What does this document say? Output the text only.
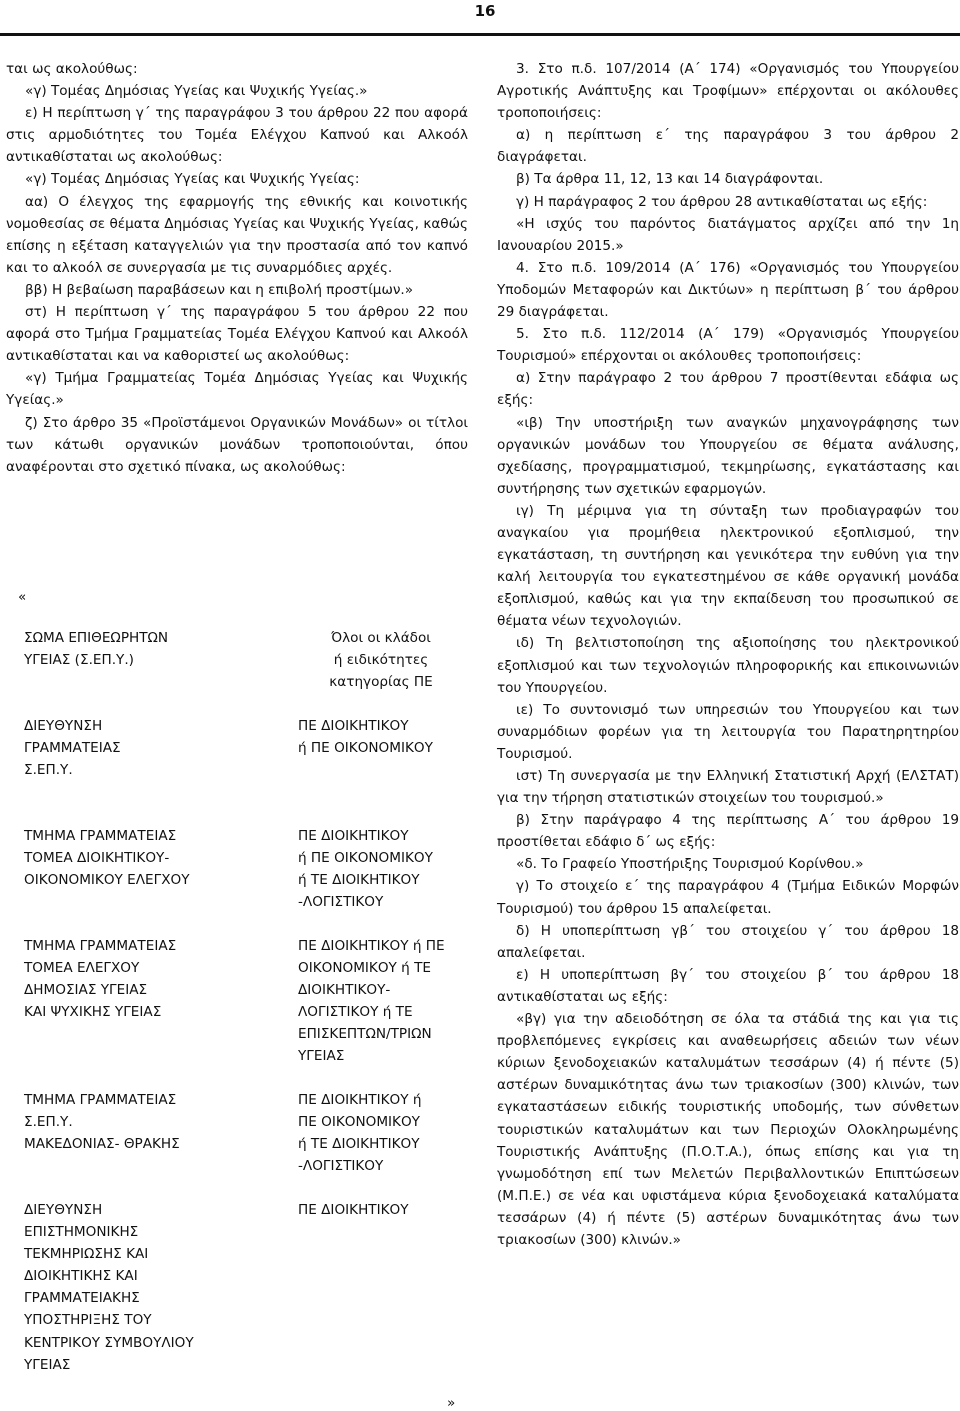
16

ται ως ακολούθως:

«γ) Τομέας Δημόσιας Υγείας και Ψυχικής Υγείας.»

ε) Η περίπτωση γ΄ της παραγράφου 3 του άρθρου 22 που αφορά στις αρμοδιότητες του Τομέα Ελέγχου Καπνού και Αλκοόλ αντικαθίσταται ως ακολούθως:

«γ) Τομέας Δημόσιας Υγείας και Ψυχικής Υγείας:

αα) Ο έλεγχος της εφαρμογής της εθνικής και κοινοτικής νομοθεσίας σε θέματα Δημόσιας Υγείας και Ψυχικής Υγείας, καθώς επίσης η εξέταση καταγγελιών για την προστασία από τον καπνό και το αλκοόλ σε συνεργασία με τις συναρμόδιες αρχές.

ββ) Η βεβαίωση παραβάσεων και η επιβολή προστίμων.»

στ) Η περίπτωση γ΄ της παραγράφου 5 του άρθρου 22 που αφορά στο Τμήμα Γραμματείας Τομέα Ελέγχου Καπνού και Αλκοόλ αντικαθίσταται και να καθοριστεί ως ακολούθως:

«γ) Τμήμα Γραμματείας Τομέα Δημόσιας Υγείας και Ψυχικής Υγείας.»

ζ) Στο άρθρο 35 «Προϊστάμενοι Οργανικών Μονάδων» οι τίτλοι των κάτωθι οργανικών μονάδων τροποποιούνται, όπου αναφέρονται στο σχετικό πίνακα, ως ακολούθως:

«
ΣΩΜΑ ΕΠΙΘΕΩΡΗΤΩΝ
ΥΓΕΙΑΣ (Σ.ΕΠ.Υ.)
Όλοι οι κλάδοι
ή ειδικότητες
κατηγορίας ΠΕ
ΔΙΕΥΘΥΝΣΗ
ΓΡΑΜΜΑΤΕΙΑΣ
Σ.ΕΠ.Υ.
ΠΕ ΔΙΟΙΚΗΤΙΚΟΥ
ή ΠΕ ΟΙΚΟΝΟΜΙΚΟΥ
ΤΜΗΜΑ ΓΡΑΜΜΑΤΕΙΑΣ
ΤΟΜΕΑ ΔΙΟΙΚΗΤΙΚΟΥ-
ΟΙΚΟΝΟΜΙΚΟΥ ΕΛΕΓΧΟΥ
ΠΕ ΔΙΟΙΚΗΤΙΚΟΥ
ή ΠΕ ΟΙΚΟΝΟΜΙΚΟΥ
ή ΤΕ ΔΙΟΙΚΗΤΙΚΟΥ
-ΛΟΓΙΣΤΙΚΟΥ
ΤΜΗΜΑ ΓΡΑΜΜΑΤΕΙΑΣ
ΤΟΜΕΑ ΕΛΕΓΧΟΥ
ΔΗΜΟΣΙΑΣ ΥΓΕΙΑΣ
ΚΑΙ ΨΥΧΙΚΗΣ ΥΓΕΙΑΣ
ΠΕ ΔΙΟΙΚΗΤΙΚΟΥ ή ΠΕ
ΟΙΚΟΝΟΜΙΚΟΥ ή ΤΕ
ΔΙΟΙΚΗΤΙΚΟΥ-
ΛΟΓΙΣΤΙΚΟΥ ή ΤΕ
ΕΠΙΣΚΕΠΤΩΝ/ΤΡΙΩΝ
ΥΓΕΙΑΣ
ΤΜΗΜΑ ΓΡΑΜΜΑΤΕΙΑΣ
Σ.ΕΠ.Υ.
ΜΑΚΕΔΟΝΙΑΣ- ΘΡΑΚΗΣ
ΠΕ ΔΙΟΙΚΗΤΙΚΟΥ ή
ΠΕ ΟΙΚΟΝΟΜΙΚΟΥ
ή ΤΕ ΔΙΟΙΚΗΤΙΚΟΥ
-ΛΟΓΙΣΤΙΚΟΥ
ΔΙΕΥΘΥΝΣΗ
ΕΠΙΣΤΗΜΟΝΙΚΗΣ
ΤΕΚΜΗΡΙΩΣΗΣ ΚΑΙ
ΔΙΟΙΚΗΤΙΚΗΣ ΚΑΙ
ΓΡΑΜΜΑΤΕΙΑΚΗΣ
ΥΠΟΣΤΗΡΙΞΗΣ ΤΟΥ
ΚΕΝΤΡΙΚΟΥ ΣΥΜΒΟΥΛΙΟΥ
ΥΓΕΙΑΣ
ΠΕ ΔΙΟΙΚΗΤΙΚΟΥ
»

3. Στο π.δ. 107/2014 (Α΄ 174) «Οργανισμός του Υπουργείου Αγροτικής Ανάπτυξης και Τροφίμων» επέρχονται οι ακόλουθες τροποποιήσεις:

α) η περίπτωση ε΄ της παραγράφου 3 του άρθρου 2 διαγράφεται.

β) Τα άρθρα 11, 12, 13 και 14 διαγράφονται.

γ) Η παράγραφος 2 του άρθρου 28 αντικαθίσταται ως εξής:

«Η ισχύς του παρόντος διατάγματος αρχίζει από την 1η Ιανουαρίου 2015.»

4. Στο π.δ. 109/2014 (Α΄ 176) «Οργανισμός του Υπουργείου Υποδομών Μεταφορών και Δικτύων» η περίπτωση β΄ του άρθρου 29 διαγράφεται.

5. Στο π.δ. 112/2014 (Α΄ 179) «Οργανισμός Υπουργείου Τουρισμού» επέρχονται οι ακόλουθες τροποποιήσεις:

α) Στην παράγραφο 2 του άρθρου 7 προστίθενται εδάφια ως εξής:

«ιβ) Την υποστήριξη των αναγκών μηχανογράφησης των οργανικών μονάδων του Υπουργείου σε θέματα ανάλυσης, σχεδίασης, προγραμματισμού, τεκμηρίωσης, εγκατάστασης και συντήρησης των σχετικών εφαρμογών.

ιγ) Τη μέριμνα για τη σύνταξη των προδιαγραφών του αναγκαίου για προμήθεια ηλεκτρονικού εξοπλισμού, την εγκατάσταση, τη συντήρηση και γενικότερα την ευθύνη για την καλή λειτουργία του εγκατεστημένου σε κάθε οργανική μονάδα εξοπλισμού, καθώς και για την εκπαίδευση του προσωπικού σε θέματα νέων τεχνολογιών.

ιδ) Τη βελτιστοποίηση της αξιοποίησης του ηλεκτρονικού εξοπλισμού και των τεχνολογιών πληροφορικής και επικοινωνιών του Υπουργείου.

ιε) Το συντονισμό των υπηρεσιών του Υπουργείου και των συναρμόδιων φορέων για τη λειτουργία του Παρατηρητηρίου Τουρισμού.

ιστ) Τη συνεργασία με την Ελληνική Στατιστική Αρχή (ΕΛΣΤΑΤ) για την τήρηση στατιστικών στοιχείων του τουρισμού.»

β) Στην παράγραφο 4 της περίπτωσης Α΄ του άρθρου 19 προστίθεται εδάφιο δ΄ ως εξής:

«δ. Το Γραφείο Υποστήριξης Τουρισμού Κορίνθου.»

γ) Το στοιχείο ε΄ της παραγράφου 4 (Τμήμα Ειδικών Μορφών Τουρισμού) του άρθρου 15 απαλείφεται.

δ) Η υποπερίπτωση γβ΄ του στοιχείου γ΄ του άρθρου 18 απαλείφεται.

ε) Η υποπερίπτωση βγ΄ του στοιχείου β΄ του άρθρου 18 αντικαθίσταται ως εξής:

«βγ) για την αδειοδότηση σε όλα τα στάδιά της και για τις προβλεπόμενες εγκρίσεις και αναθεωρήσεις αδειών των νέων κύριων ξενοδοχειακών καταλυμάτων τεσσάρων (4) ή πέντε (5) αστέρων δυναμικότητας άνω των τριακοσίων (300) κλινών, των εγκαταστάσεων ειδικής τουριστικής υποδομής, των σύνθετων τουριστικών καταλυμάτων και των Περιοχών Ολοκληρωμένης Τουριστικής Ανάπτυξης (Π.Ο.Τ.Α.), όπως επίσης και για τη γνωμοδότηση επί των Μελετών Περιβαλλοντικών Επιπτώσεων (Μ.Π.Ε.) σε νέα και υφιστάμενα κύρια ξενοδοχειακά καταλύματα τεσσάρων (4) ή πέντε (5) αστέρων δυναμικότητας άνω των τριακοσίων (300) κλινών.»
